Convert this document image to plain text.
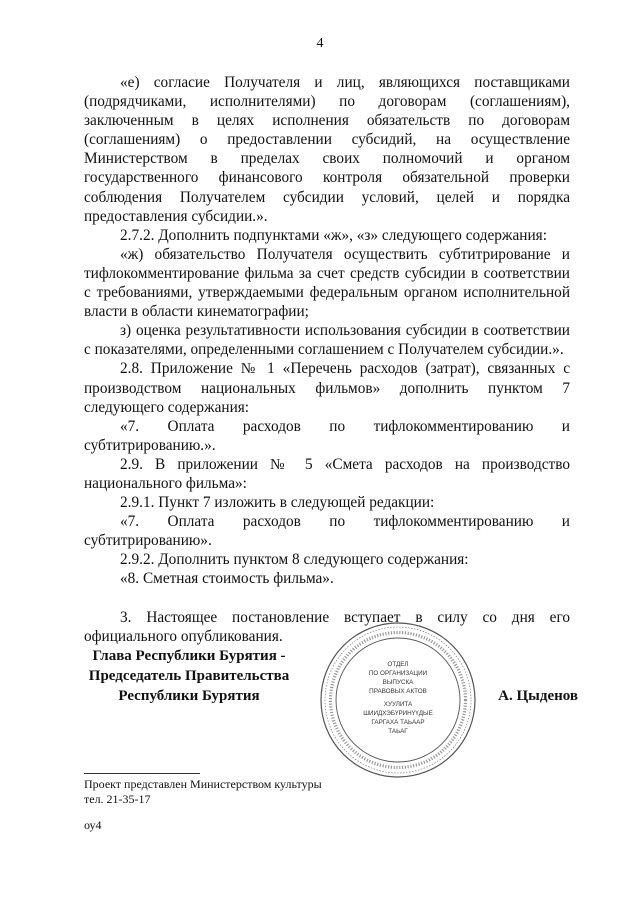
4

«е) согласие Получателя и лиц, являющихся поставщиками (подрядчиками, исполнителями) по договорам (соглашениям), заключенным в целях исполнения обязательств по договорам (соглашениям) о предоставлении субсидий, на осуществление Министерством в пределах своих полномочий и органом государственного финансового контроля обязательной проверки соблюдения Получателем субсидии условий, целей и порядка предоставления субсидии.».

2.7.2. Дополнить подпунктами «ж», «з» следующего содержания:

«ж) обязательство Получателя осуществить субтитрирование и тифлокомментирование фильма за счет средств субсидии в соответствии с требованиями, утверждаемыми федеральным органом исполнительной власти в области кинематографии;

з) оценка результативности использования субсидии в соответствии с показателями, определенными соглашением с Получателем субсидии.».

2.8. Приложение № 1 «Перечень расходов (затрат), связанных с производством национальных фильмов» дополнить пунктом 7 следующего содержания:

«7. Оплата расходов по тифлокомментированию и субтитрированию.».

2.9. В приложении № 5 «Смета расходов на производство национального фильма»:

2.9.1. Пункт 7 изложить в следующей редакции:

«7. Оплата расходов по тифлокомментированию и субтитрированию».

2.9.2. Дополнить пунктом 8 следующего содержания:

«8. Сметная стоимость фильма».

3. Настоящее постановление вступает в силу со дня его официального опубликования.

Глава Республики Бурятия -
Председатель Правительства
Республики Бурятия
ОТДЕЛ
ПО ОРГАНИЗАЦИИ
ВЫПУСКА
ПРАВОВЫХ АКТОВ
ХУУЛИТА
ШИИДХЭБҮРИНҮҮДЫЕ
ГАРГАХА ТАЬААР
ТАЬАГ
А. Цыденов
Проект представлен Министерством культуры
тел. 21-35-17
оу4
